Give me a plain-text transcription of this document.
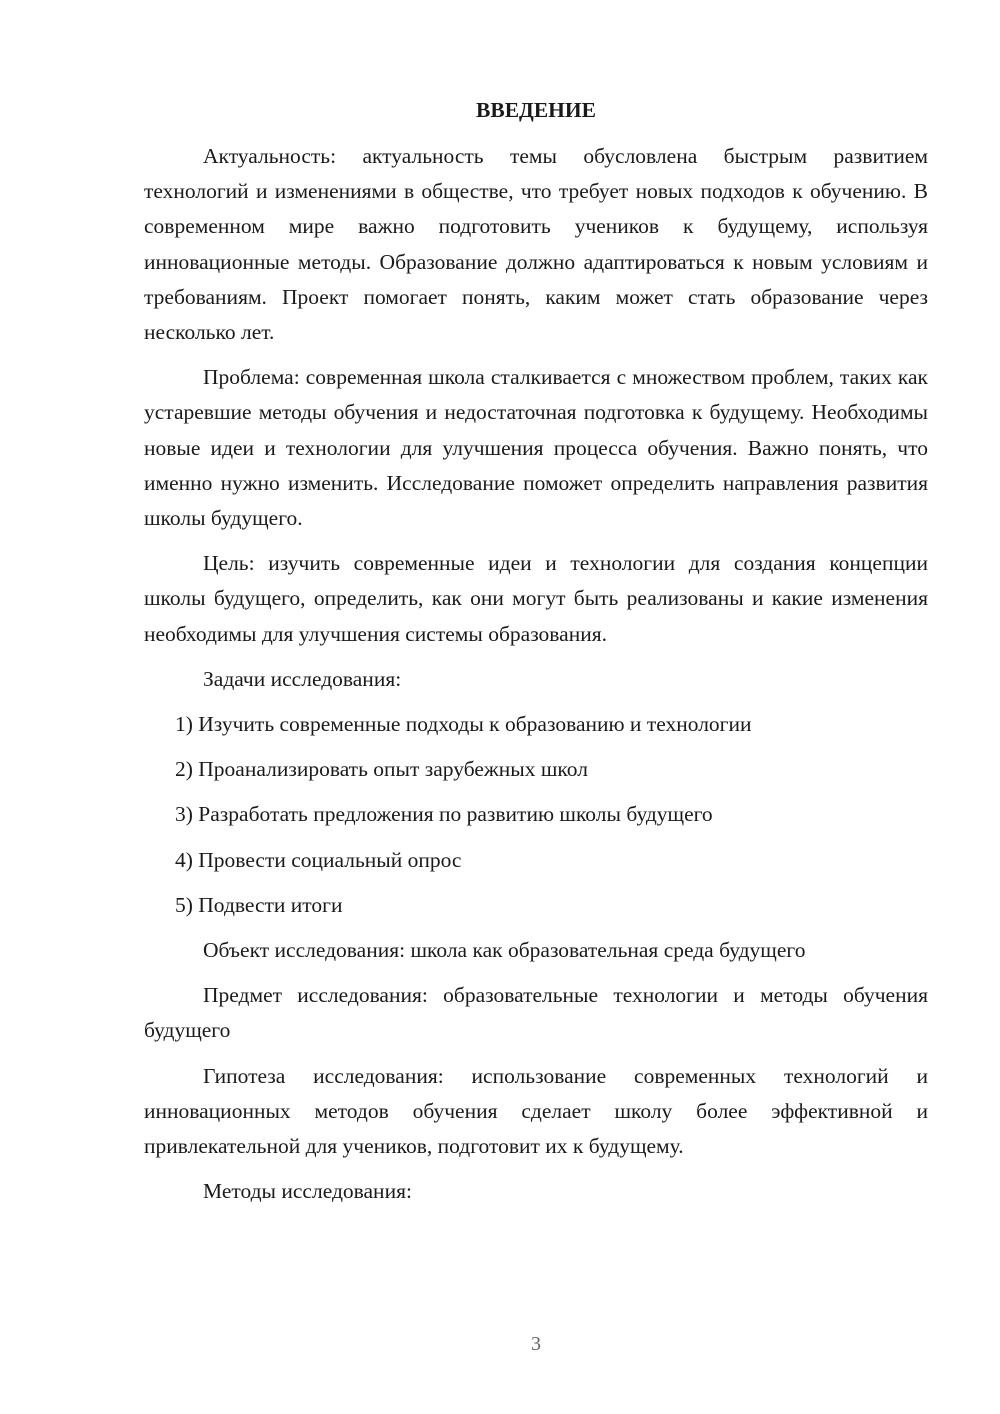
ВВЕДЕНИЕ

Актуальность: актуальность темы обусловлена быстрым развитием технологий и изменениями в обществе, что требует новых подходов к обучению. В современном мире важно подготовить учеников к будущему, используя инновационные методы. Образование должно адаптироваться к новым условиям и требованиям. Проект помогает понять, каким может стать образование через несколько лет.

Проблема: современная школа сталкивается с множеством проблем, таких как устаревшие методы обучения и недостаточная подготовка к будущему. Необходимы новые идеи и технологии для улучшения процесса обучения. Важно понять, что именно нужно изменить. Исследование поможет определить направления развития школы будущего.

Цель: изучить современные идеи и технологии для создания концепции школы будущего, определить, как они могут быть реализованы и какие изменения необходимы для улучшения системы образования.

Задачи исследования:

1) Изучить современные подходы к образованию и технологии

2) Проанализировать опыт зарубежных школ

3) Разработать предложения по развитию школы будущего

4) Провести социальный опрос

5) Подвести итоги

Объект исследования: школа как образовательная среда будущего

Предмет исследования: образовательные технологии и методы обучения будущего

Гипотеза исследования: использование современных технологий и инновационных методов обучения сделает школу более эффективной и привлекательной для учеников, подготовит их к будущему.

Методы исследования:

3
